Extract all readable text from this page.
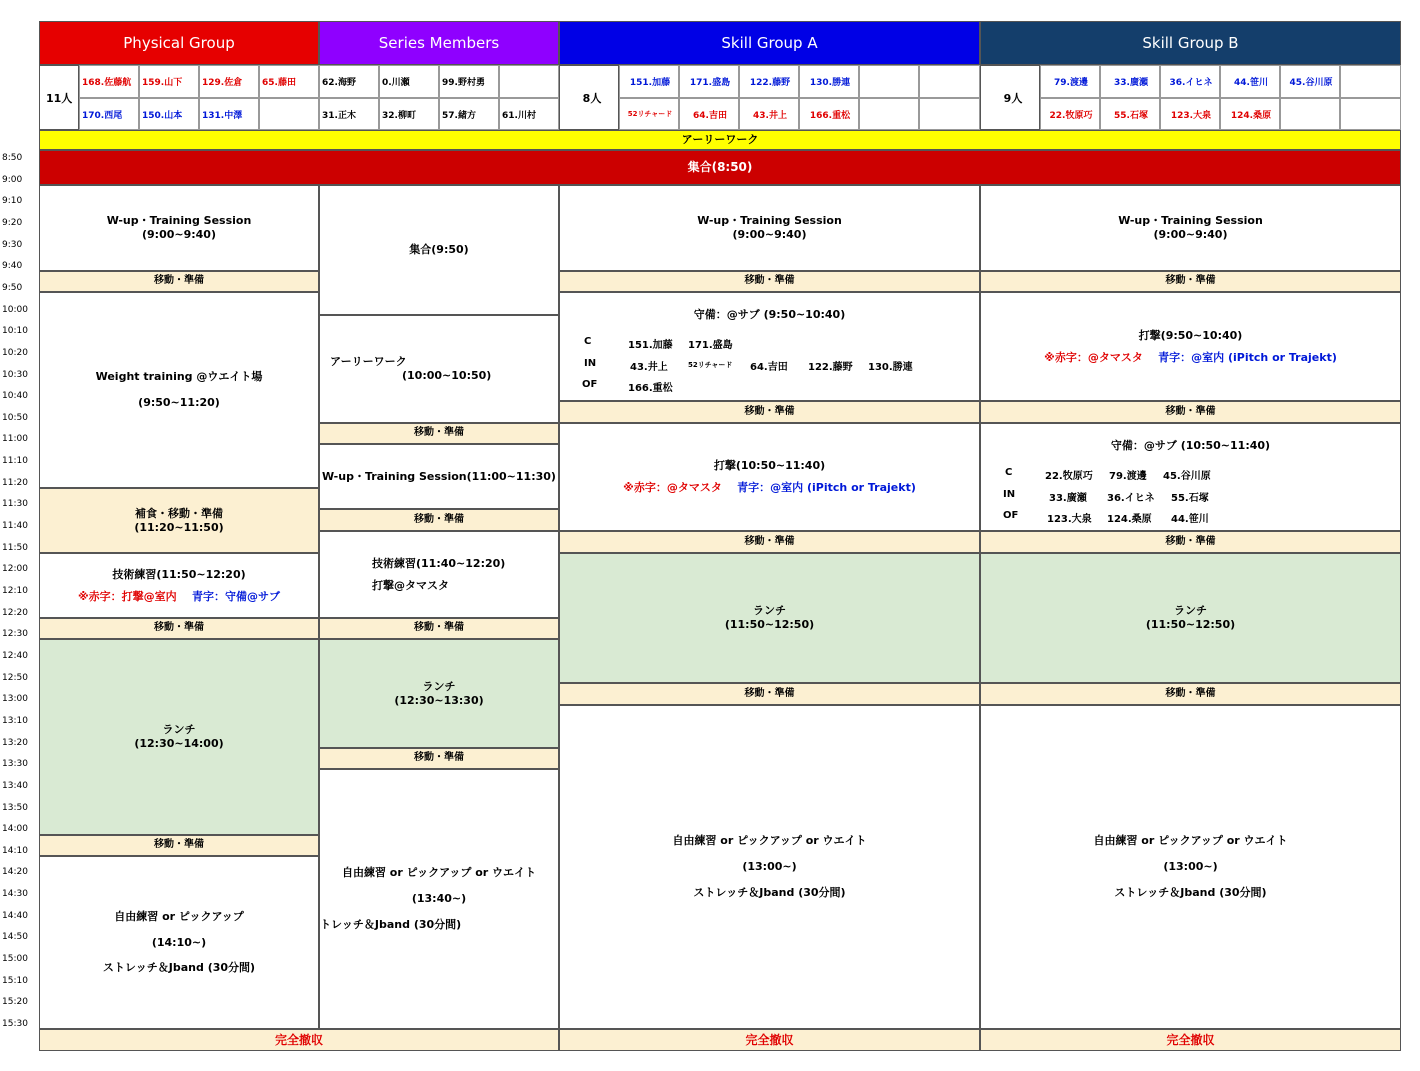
Physical Group	Series Members	Skill Group A	Skill Group B
11人
168.佐藤航	159.山下	129.佐倉	65.藤田
170.西尾	150.山本	131.中澤
62.海野	0.川瀬	99.野村勇
31.正木	32.柳町	57.緒方	61.川村
8人
151.加藤	171.盛島	122.藤野	130.勝連
52リチャード	64.吉田	43.井上	166.重松
9人
79.渡邊	33.廣瀬	36.イヒネ	44.笹川	45.谷川原
22.牧原巧	55.石塚	123.大泉	124.桑原
アーリーワーク
集合(8:50)
8:50
9:00
9:10
9:20
9:30
9:40
9:50
10:00
10:10
10:20
10:30
10:40
10:50
11:00
11:10
11:20
11:30
11:40
11:50
12:00
12:10
12:20
12:30
12:40
12:50
13:00
13:10
13:20
13:30
13:40
13:50
14:00
14:10
14:20
14:30
14:40
14:50
15:00
15:10
15:20
15:30
W-up・Training Session
(9:00~9:40)
移動・準備
Weight training @ウエイト場
(9:50~11:20)
補食・移動・準備
(11:20~11:50)
技術練習(11:50~12:20)
※赤字：打撃@室内 青字：守備@サブ
移動・準備
ランチ
(12:30~14:00)
移動・準備
自由練習 or ピックアップ
(14:10~)
ストレッチ＆Jband (30分間)
完全撤収
集合(9:50)
アーリーワーク
(10:00~10:50)
移動・準備
W-up・Training Session(11:00~11:30)
移動・準備
技術練習(11:40~12:20)
打撃@タマスタ
移動・準備
ランチ
(12:30~13:30)
移動・準備
自由練習 or ピックアップ or ウエイト
(13:40~)
トレッチ＆Jband (30分間)
W-up・Training Session
(9:00~9:40)
移動・準備
守備：@サブ (9:50~10:40)
C	151.加藤 171.盛島
IN	43.井上	52リチャード 64.吉田 122.藤野 130.勝連
OF	166.重松
移動・準備
打撃(10:50~11:40)
※赤字：@タマスタ 青字：@室内 (iPitch or Trajekt)
移動・準備
ランチ
(11:50~12:50)
移動・準備
自由練習 or ピックアップ or ウエイト
(13:00~)
ストレッチ＆Jband (30分間)
完全撤収
W-up・Training Session
(9:00~9:40)
移動・準備
打撃(9:50~10:40)
※赤字：@タマスタ 青字：@室内 (iPitch or Trajekt)
移動・準備
守備：@サブ (10:50~11:40)
C	22.牧原巧 79.渡邊 45.谷川原
IN	33.廣瀬 36.イヒネ 55.石塚
OF	123.大泉 124.桑原 44.笹川
移動・準備
ランチ
(11:50~12:50)
移動・準備
自由練習 or ピックアップ or ウエイト
(13:00~)
ストレッチ＆Jband (30分間)
完全撤収
